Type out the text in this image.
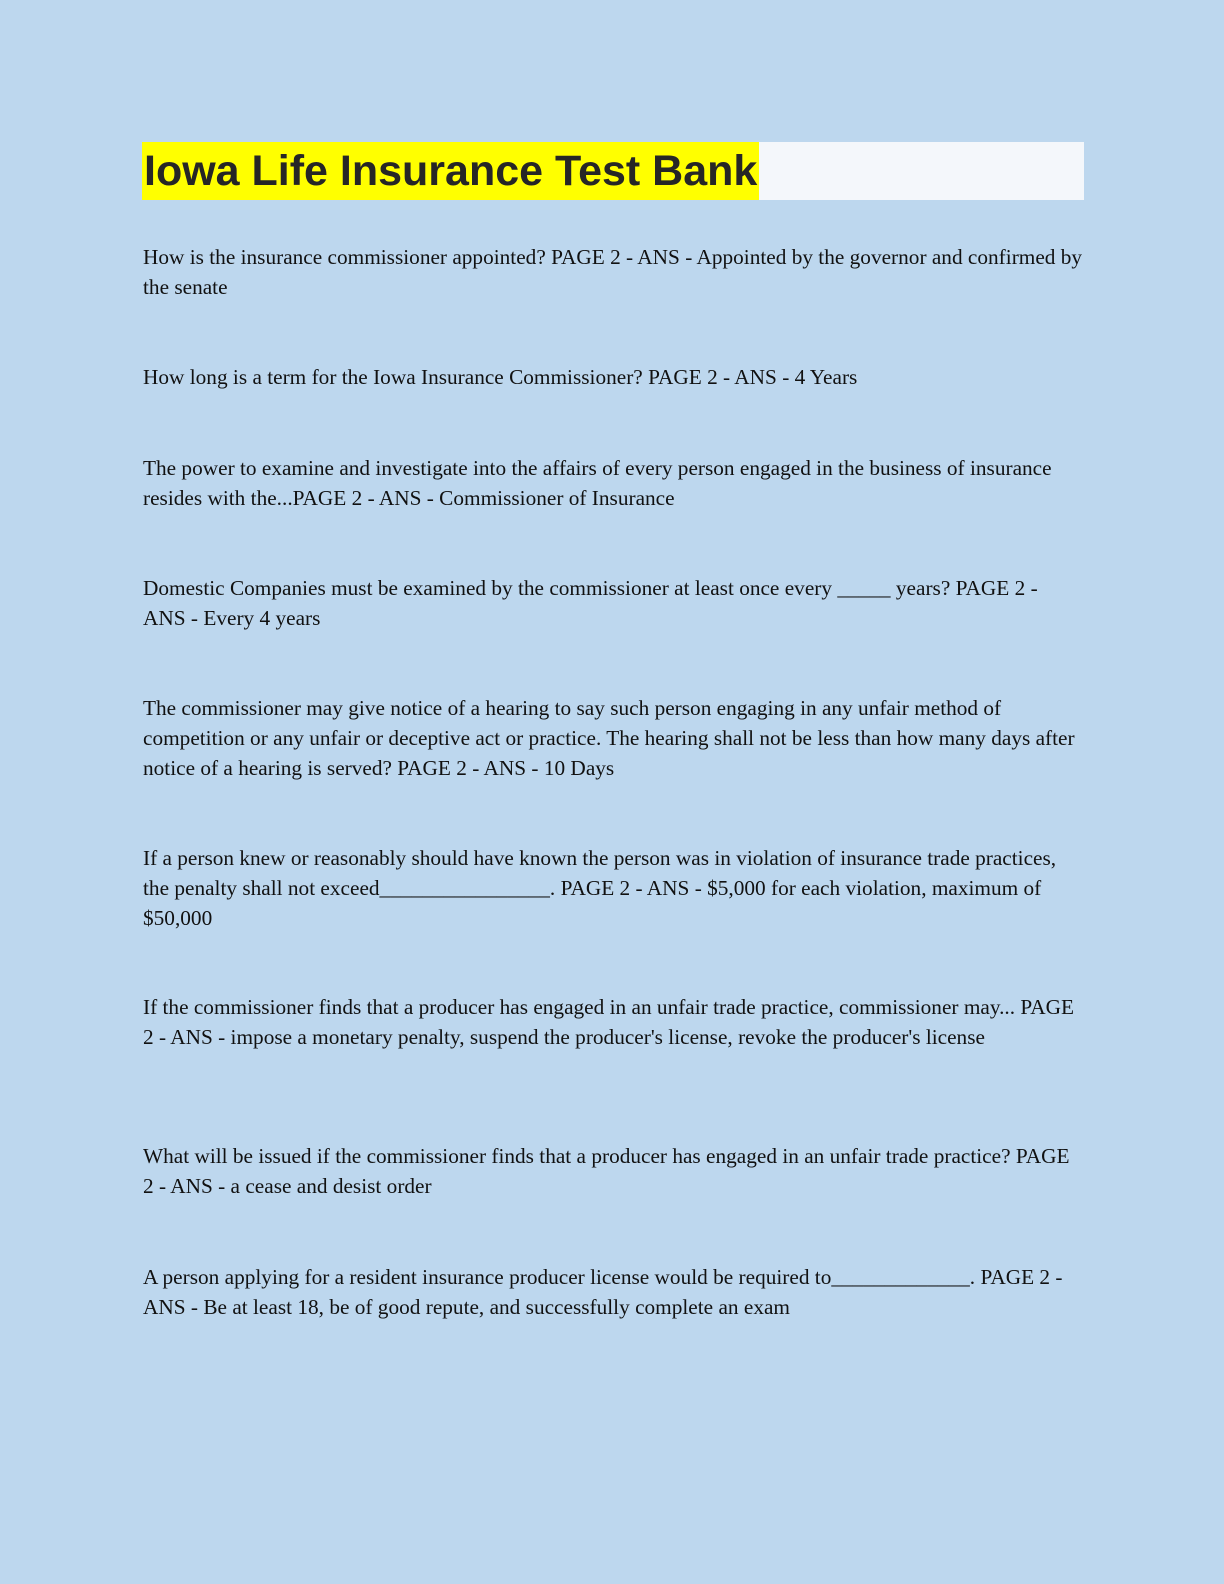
Iowa Life Insurance Test Bank

How is the insurance commissioner appointed? PAGE 2 - ANS - Appointed by the governor and confirmed by the senate

How long is a term for the Iowa Insurance Commissioner? PAGE 2 - ANS - 4 Years

The power to examine and investigate into the affairs of every person engaged in the business of insurance resides with the...PAGE 2 - ANS - Commissioner of Insurance

Domestic Companies must be examined by the commissioner at least once every _____ years? PAGE 2 - ANS - Every 4 years

The commissioner may give notice of a hearing to say such person engaging in any unfair method of competition or any unfair or deceptive act or practice. The hearing shall not be less than how many days after notice of a hearing is served? PAGE 2 - ANS - 10 Days

If a person knew or reasonably should have known the person was in violation of insurance trade practices, the penalty shall not exceed________________. PAGE 2 - ANS - $5,000 for each violation, maximum of $50,000

If the commissioner finds that a producer has engaged in an unfair trade practice, commissioner may... PAGE 2 - ANS - impose a monetary penalty, suspend the producer's license, revoke the producer's license

What will be issued if the commissioner finds that a producer has engaged in an unfair trade practice? PAGE 2 - ANS - a cease and desist order

A person applying for a resident insurance producer license would be required to_____________. PAGE 2 - ANS - Be at least 18, be of good repute, and successfully complete an exam
